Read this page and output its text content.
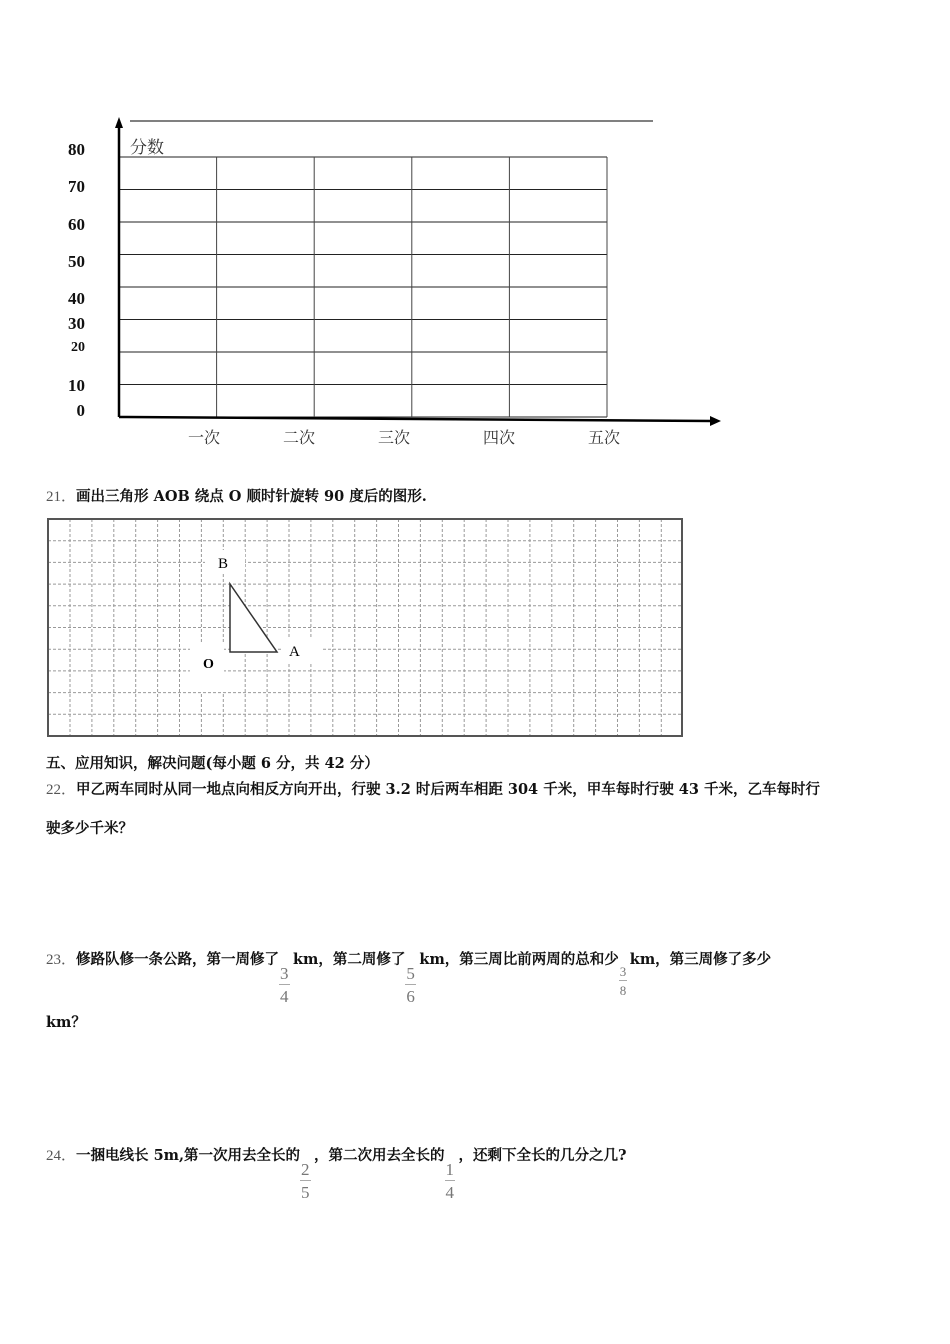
分数
80
70
60
50
40
30
20
10
0
一次	二次	三次	四次	五次
21．画出三角形 AOB 绕点 O 顺时针旋转 90 度后的图形.
B
A
O
五、应用知识，解决问题(每小题 6 分，共 42 分）
22．甲乙两车同时从同一地点向相反方向开出，行驶 3.2 时后两车相距 304 千米，甲车每时行驶 43 千米，乙车每时行
驶多少千米？
23．修路队修一条公路，第一周修了 $\frac{3}{4}$ km，第二周修了 $\frac{5}{6}$ km，第三周比前两周的总和少 $\frac{3}{8}$ km，第三周修了多少
km？
24．一捆电线长 5m,第一次用去全长的 $\frac{2}{5}$ ，第二次用去全长的 $\frac{1}{4}$ ，还剩下全长的几分之几?
